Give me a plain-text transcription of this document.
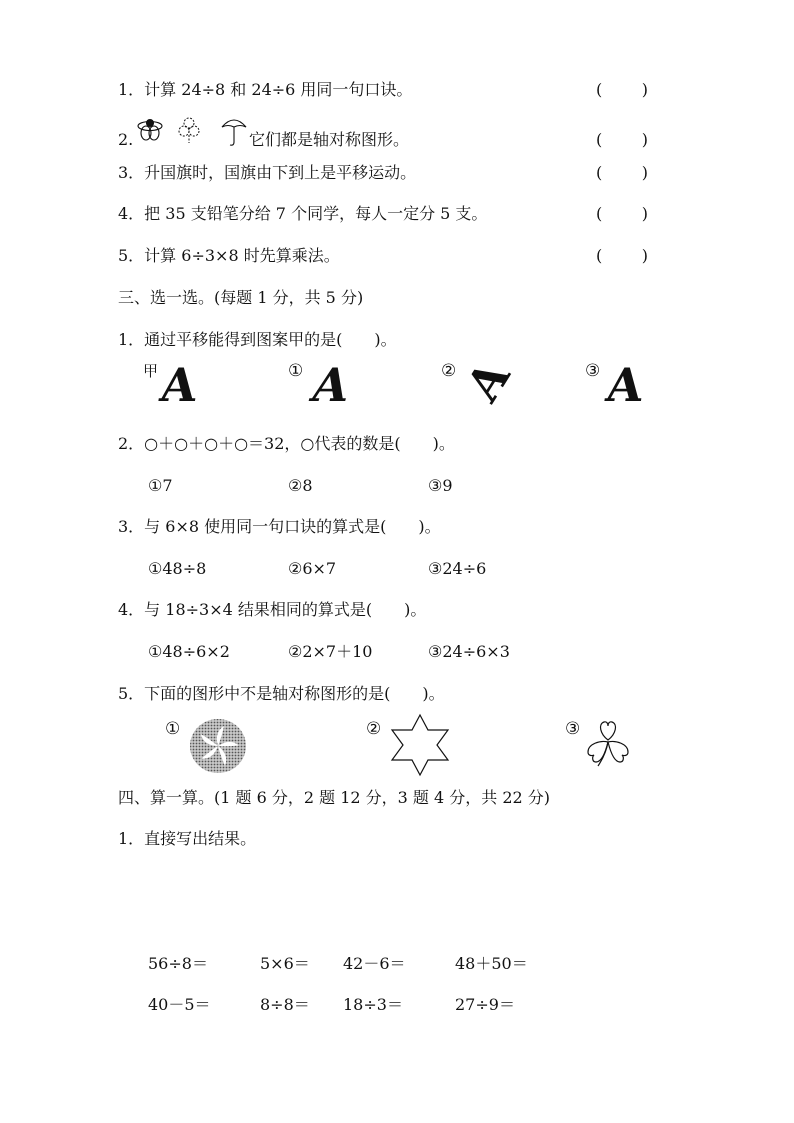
1．计算 24÷8 和 24÷6 用同一句口诀。	( )
2.	它们都是轴对称图形。	( )
3．升国旗时，国旗由下到上是平移运动。	( )
4．把 35 支铅笔分给 7 个同学，每人一定分 5 支。	( )
5．计算 6÷3×8 时先算乘法。	( )
三、选一选。(每题 1 分，共 5 分)
1．通过平移能得到图案甲的是(　　)。
甲 A	① A	② A	③ A
2．○＋○＋○＋○＝32，○代表的数是(　　)。
①7	②8	③9
3．与 6×8 使用同一句口诀的算式是(　　)。
①48÷8	②6×7	③24÷6
4．与 18÷3×4 结果相同的算式是(　　)。
①48÷6×2	②2×7＋10	③24÷6×3
5．下面的图形中不是轴对称图形的是(　　)。
①	②	③
四、算一算。(1 题 6 分，2 题 12 分，3 题 4 分，共 22 分)
1．直接写出结果。
56÷8＝	5×6＝ 42－6＝	48＋50＝
40－5＝	8÷8＝ 18÷3＝	27÷9＝
